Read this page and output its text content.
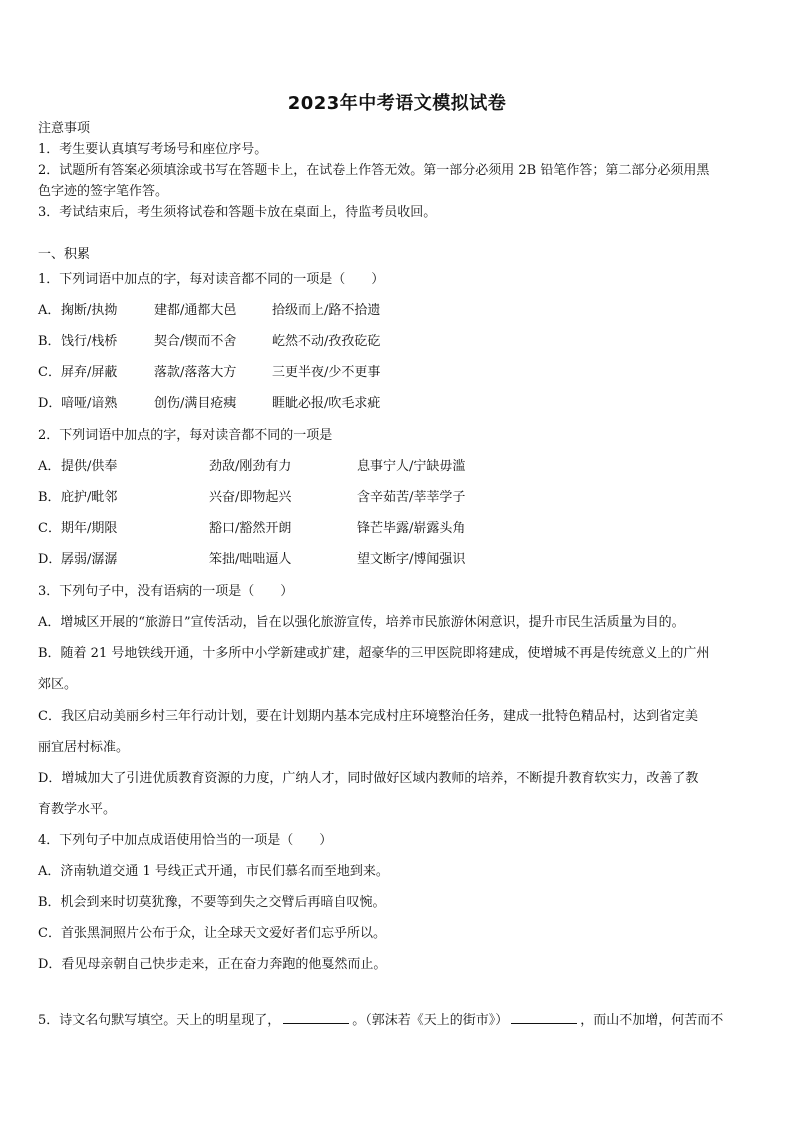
2023年中考语文模拟试卷
注意事项
1．考生要认真填写考场号和座位序号。
2．试题所有答案必须填涂或书写在答题卡上，在试卷上作答无效。第一部分必须用 2B 铅笔作答；第二部分必须用黑
色字迹的签字笔作答。
3．考试结束后，考生须将试卷和答题卡放在桌面上，待监考员收回。
一、积累
1．下列词语中加点的字，每对读音都不同的一项是（　　）
A． 掬断/执拗	建都/通都大邑	拾级而上/路不拾遗
B． 饯行/栈桥	契合/锲而不舍	屹然不动/孜孜矻矻
C． 屏弃/屏蔽	落款/落落大方	三更半夜/少不更事
D． 喑哑/谙熟	创伤/满目疮痍	睚眦必报/吹毛求疵
2．下列词语中加点的字，每对读音都不同的一项是
A． 提供/供奉	劲敌/刚劲有力	息事宁人/宁缺毋滥
B． 庇护/毗邻	兴奋/即物起兴	含辛茹苦/莘莘学子
C． 期年/期限	豁口/豁然开朗	锋芒毕露/崭露头角
D． 孱弱/潺潺	笨拙/咄咄逼人	望文断字/博闻强识
3．下列句子中，没有语病的一项是（　　）
A．增城区开展的“旅游日”宣传活动，旨在以强化旅游宣传，培养市民旅游休闲意识，提升市民生活质量为目的。
B．随着 21 号地铁线开通，十多所中小学新建或扩建，超豪华的三甲医院即将建成，使增城不再是传统意义上的广州
郊区。
C．我区启动美丽乡村三年行动计划，要在计划期内基本完成村庄环境整治任务，建成一批特色精品村，达到省定美
丽宜居村标准。
D．增城加大了引进优质教育资源的力度，广纳人才，同时做好区域内教师的培养，不断提升教育软实力，改善了教
育教学水平。
4．下列句子中加点成语使用恰当的一项是（　　）
A．济南轨道交通 1 号线正式开通，市民们慕名而至地到来。
B．机会到来时切莫犹豫，不要等到失之交臂后再暗自叹惋。
C．首张黑洞照片公布于众，让全球天文爱好者们忘乎所以。
D．看见母亲朝自己快步走来，正在奋力奔跑的他戛然而止。
5．诗文名句默写填空。天上的明星现了，	。（郭沫若《天上的街市》）	，而山不加增，何苦而不
